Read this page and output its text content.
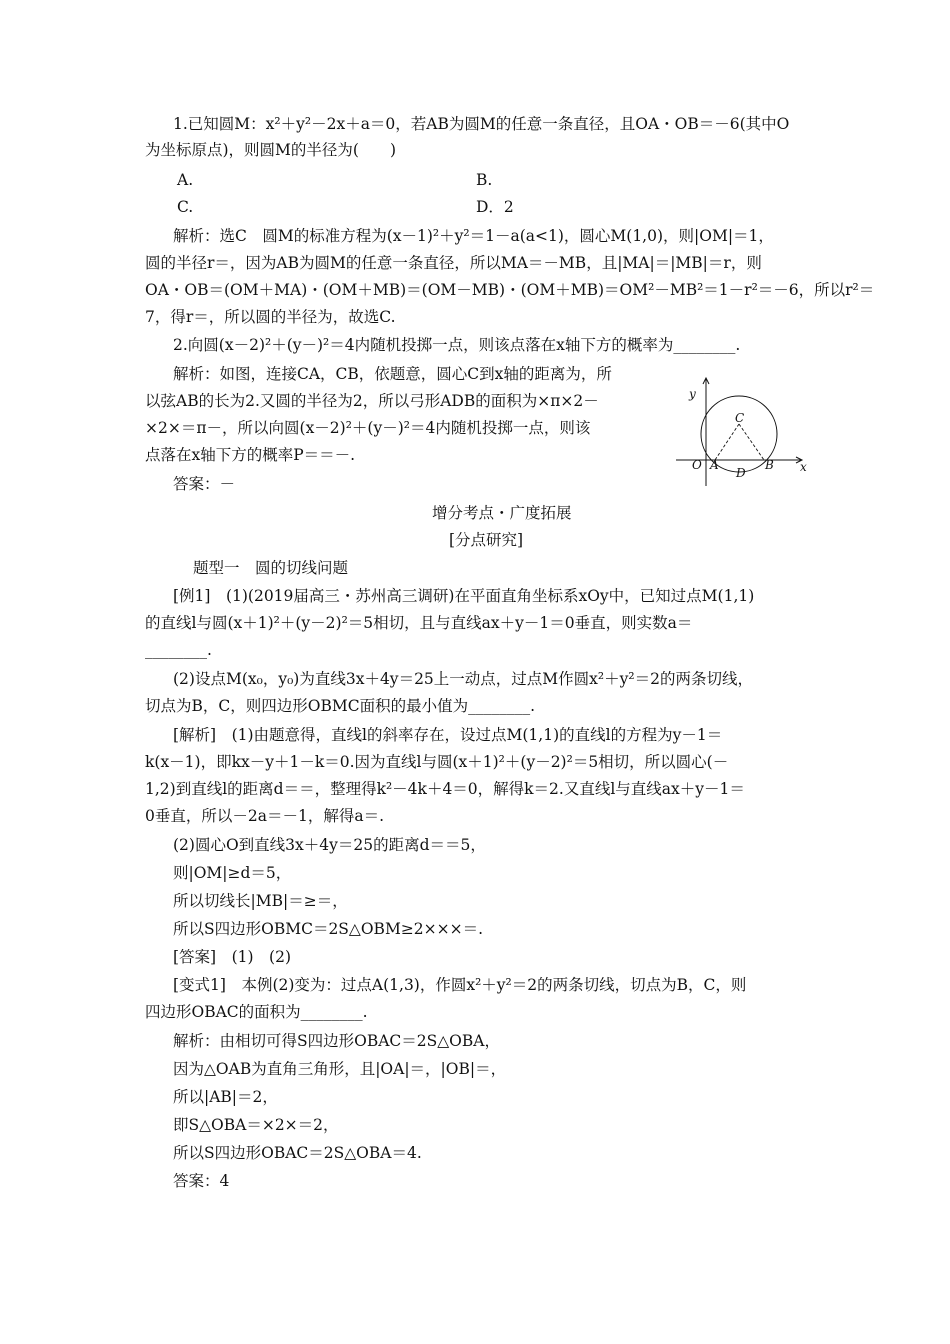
1.已知圆M：x²＋y²－2x＋a＝0，若AB为圆M的任意一条直径，且OA・OB＝－6(其中O
为坐标原点)，则圆M的半径为(　　)
A.	B.
C.	D．2
解析：选C　圆M的标准方程为(x－1)²＋y²＝1－a(a<1)，圆心M(1,0)，则|OM|＝1，
圆的半径r＝，因为AB为圆M的任意一条直径，所以MA＝－MB，且|MA|＝|MB|＝r，则
OA・OB＝(OM＋MA)・(OM＋MB)＝(OM－MB)・(OM＋MB)＝OM²－MB²＝1－r²＝－6，所以r²＝
7，得r＝，所以圆的半径为，故选C.
2.向圆(x－2)²＋(y－)²＝4内随机投掷一点，则该点落在x轴下方的概率为________.
解析：如图，连接CA，CB，依题意，圆心C到x轴的距离为，所
以弦AB的长为2.又圆的半径为2，所以弓形ADB的面积为×π×2－
×2×＝π－，所以向圆(x－2)²＋(y－)²＝4内随机投掷一点，则该
点落在x轴下方的概率P＝＝－.
答案：－
增分考点・广度拓展
[分点研究]
题型一　圆的切线问题
[例1]　(1)(2019届高三・苏州高三调研)在平面直角坐标系xOy中，已知过点M(1,1)
的直线l与圆(x＋1)²＋(y－2)²＝5相切，且与直线ax＋y－1＝0垂直，则实数a＝
________.
(2)设点M(x₀，y₀)为直线3x＋4y＝25上一动点，过点M作圆x²＋y²＝2的两条切线，
切点为B，C，则四边形OBMC面积的最小值为________.
[解析]　(1)由题意得，直线l的斜率存在，设过点M(1,1)的直线l的方程为y－1＝
k(x－1)，即kx－y＋1－k＝0.因为直线l与圆(x＋1)²＋(y－2)²＝5相切，所以圆心(－
1,2)到直线l的距离d＝＝，整理得k²－4k＋4＝0，解得k＝2.又直线l与直线ax＋y－1＝
0垂直，所以－2a＝－1，解得a＝.
(2)圆心O到直线3x＋4y＝25的距离d＝＝5，
则|OM|≥d＝5，
所以切线长|MB|＝≥＝，
所以S四边形OBMC＝2S△OBM≥2×××＝.
[答案]　(1)　(2)
[变式1]　本例(2)变为：过点A(1,3)，作圆x²＋y²＝2的两条切线，切点为B，C，则
四边形OBAC的面积为________.
解析：由相切可得S四边形OBAC＝2S△OBA，
因为△OAB为直角三角形，且|OA|＝，|OB|＝，
所以|AB|＝2，
即S△OBA＝×2×＝2，
所以S四边形OBAC＝2S△OBA＝4.
答案：4
y
x
O A	B
C
D
